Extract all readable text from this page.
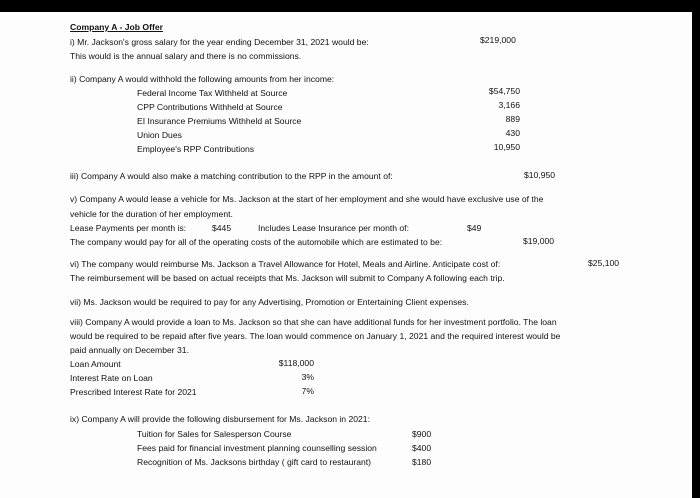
Company A - Job Offer
i) Mr. Jackson's gross salary for the year ending December 31, 2021 would be:	$219,000
This would is the annual salary and there is no commissions.
ii) Company A would withhold the following amounts from her income:
Federal Income Tax Withheld at Source	$54,750
CPP Contributions Withheld at Source	3,166
EI Insurance Premiums Withheld at Source	889
Union Dues	430
Employee's RPP Contributions	10,950
iii) Company A would also make a matching contribution to the RPP in the amount of:	$10,950
v) Company A would lease a vehicle for Ms. Jackson at the start of her employment and she would have exclusive use of the
vehicle for the duration of her employment.
Lease Payments per month is:	$445	Includes Lease Insurance per month of:	$49
The company would pay for all of the operating costs of the automobile which are estimated to be:	$19,000
vi) The company would reimburse Ms. Jackson a Travel Allowance for Hotel, Meals and Airline. Anticipate cost of:	$25,100
The reimbursement will be based on actual receipts that Ms. Jackson will submit to Company A following each trip.
vii) Ms. Jackson would be required to pay for any Advertising, Promotion or Entertaining Client expenses.
viii) Company A would provide a loan to Ms. Jackson so that she can have additional funds for her investment portfolio. The loan
would be required to be repaid after five years. The loan would commence on January 1, 2021 and the required interest would be
paid annually on December 31.
Loan Amount	$118,000
Interest Rate on Loan	3%
Prescribed Interest Rate for 2021	7%
ix) Company A will provide the following disbursement for Ms. Jackson in 2021:
Tuition for Sales for Salesperson Course	$900
Fees paid for financial investment planning counselling session	$400
Recognition of Ms. Jacksons birthday ( gift card to restaurant)	$180
